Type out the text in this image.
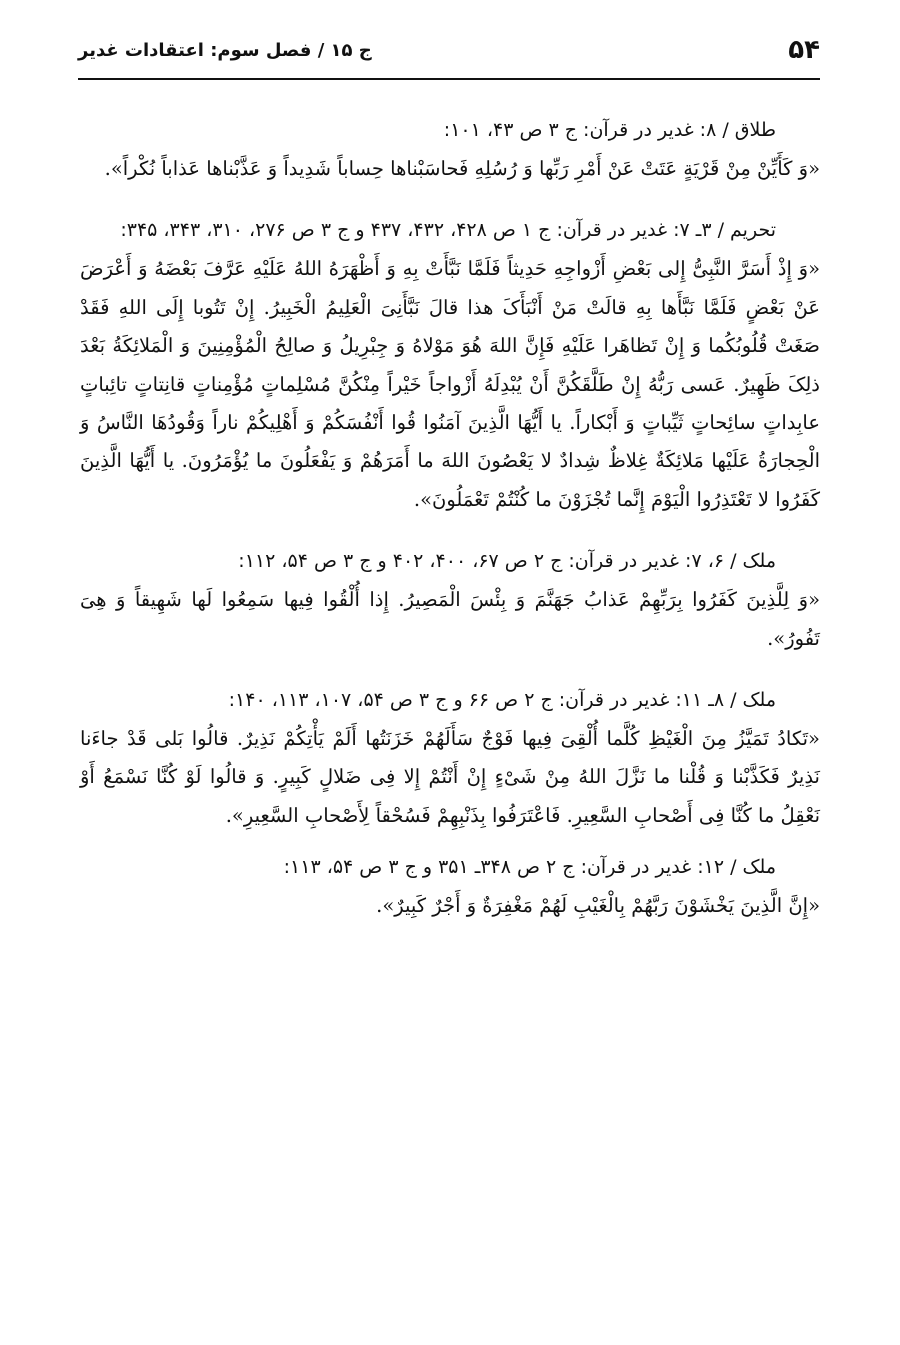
۵۴
ج ۱۵ / فصل سوم: اعتقادات غدیر
طلاق / ۸: غدیر در قرآن: ج ۳ ص ۴۳، ۱۰۱:
«وَ کَأَیِّنْ مِنْ قَرْیَةٍ عَتَتْ عَنْ أَمْرِ رَبِّها وَ رُسُلِهِ فَحاسَبْناها حِساباً شَدِیداً وَ عَذَّبْناها عَذاباً نُکْراً».
تحریم / ۳ـ ۷: غدیر در قرآن: ج ۱ ص ۴۲۸، ۴۳۲، ۴۳۷ و ج ۳ ص ۲۷۶، ۳۱۰، ۳۴۳، ۳۴۵:
«وَ إِذْ أَسَرَّ النَّبِیُّ إِلی بَعْضِ أَزْواجِهِ حَدِیثاً فَلَمَّا نَبَّأَتْ بِهِ وَ أَظْهَرَهُ اللهُ عَلَیْهِ عَرَّفَ بَعْضَهُ وَ أَعْرَضَ عَنْ بَعْضٍ فَلَمَّا نَبَّأَها بِهِ قالَتْ مَنْ أَنْبَأَکَ هذا قالَ نَبَّأَنِیَ الْعَلِیمُ الْخَبِیرُ. إِنْ تَتُوبا إِلَی اللهِ فَقَدْ صَغَتْ قُلُوبُکُما وَ إِنْ تَظاهَرا عَلَیْهِ فَإِنَّ اللهَ هُوَ مَوْلاهُ وَ جِبْرِیلُ وَ صالِحُ الْمُؤْمِنِینَ وَ الْمَلائِکَةُ بَعْدَ ذلِکَ ظَهِیرٌ. عَسی رَبُّهُ إِنْ طَلَّقَکُنَّ أَنْ یُبْدِلَهُ أَزْواجاً خَیْراً مِنْکُنَّ مُسْلِماتٍ مُؤْمِناتٍ قانِتاتٍ تائِباتٍ عابِداتٍ سائِحاتٍ ثَیِّباتٍ وَ أَبْکاراً. یا أَیُّهَا الَّذِینَ آمَنُوا قُوا أَنْفُسَکُمْ وَ أَهْلِیکُمْ ناراً وَقُودُهَا النَّاسُ وَ الْحِجارَةُ عَلَیْها مَلائِکَةٌ غِلاظٌ شِدادٌ لا یَعْصُونَ اللهَ ما أَمَرَهُمْ وَ یَفْعَلُونَ ما یُؤْمَرُونَ. یا أَیُّهَا الَّذِینَ کَفَرُوا لا تَعْتَذِرُوا الْیَوْمَ إِنَّما تُجْزَوْنَ ما کُنْتُمْ تَعْمَلُونَ».
ملک / ۶، ۷: غدیر در قرآن: ج ۲ ص ۶۷، ۴۰۰، ۴۰۲ و ج ۳ ص ۵۴، ۱۱۲:
«وَ لِلَّذِینَ کَفَرُوا بِرَبِّهِمْ عَذابُ جَهَنَّمَ وَ بِئْسَ الْمَصِیرُ. إِذا أُلْقُوا فِیها سَمِعُوا لَها شَهِیقاً وَ هِیَ تَفُورُ».
ملک / ۸ـ ۱۱: غدیر در قرآن: ج ۲ ص ۶۶ و ج ۳ ص ۵۴، ۱۰۷، ۱۱۳، ۱۴۰:
«تَکادُ تَمَیَّزُ مِنَ الْغَیْظِ کُلَّما أُلْقِیَ فِیها فَوْجٌ سَأَلَهُمْ خَزَنَتُها أَلَمْ یَأْتِکُمْ نَذِیرٌ. قالُوا بَلی قَدْ جاءَنا نَذِیرٌ فَکَذَّبْنا وَ قُلْنا ما نَزَّلَ اللهُ مِنْ شَیْءٍ إِنْ أَنْتُمْ إِلا فِی ضَلالٍ کَبِیرٍ. وَ قالُوا لَوْ کُنَّا نَسْمَعُ أَوْ نَعْقِلُ ما کُنَّا فِی أَصْحابِ السَّعِیرِ. فَاعْتَرَفُوا بِذَنْبِهِمْ فَسُحْقاً لِأَصْحابِ السَّعِیرِ».
ملک / ۱۲: غدیر در قرآن: ج ۲ ص ۳۴۸ـ ۳۵۱ و ج ۳ ص ۵۴، ۱۱۳:
«إِنَّ الَّذِینَ یَخْشَوْنَ رَبَّهُمْ بِالْغَیْبِ لَهُمْ مَغْفِرَةٌ وَ أَجْرٌ کَبِیرٌ».
